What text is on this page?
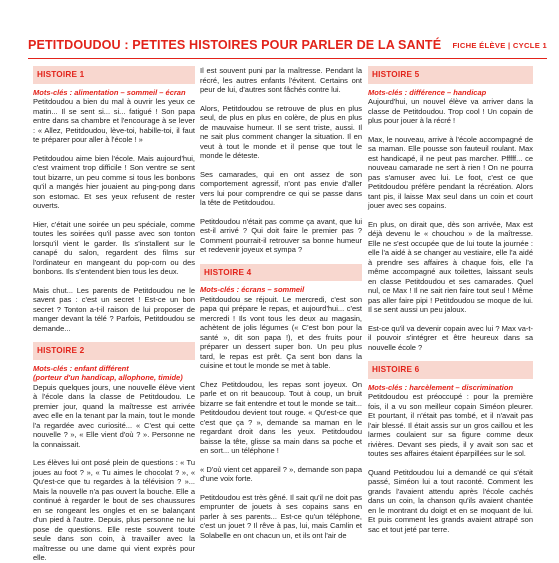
PETITDOUDOU : PETITES HISTOIRES POUR PARLER DE LA SANTÉ FICHE ÉLÈVE | CYCLE 1
HISTOIRE 1
Mots-clés : alimentation – sommeil – écran

Petitdoudou a bien du mal à ouvrir les yeux ce matin... Il se sent si... si... fatigué ! Son papa entre dans sa chambre et l'encourage à se lever : « Allez, Petitdoudou, lève-toi, habille-toi, il faut te préparer pour aller à l'école ! »

Petitdoudou aime bien l'école. Mais aujourd'hui, c'est vraiment trop difficile ! Son ventre se sent tout bizarre, un peu comme si tous les bonbons qu'il a mangés hier jouaient au ping-pong dans son estomac. Et ses yeux refusent de rester ouverts.

Hier, c'était une soirée un peu spéciale, comme toutes les soirées qu'il passe avec son tonton lorsqu'il vient le garder. Ils s'installent sur le canapé du salon, regardent des films sur l'ordinateur en mangeant du pop-corn ou des bonbons. Ils s'entendent bien tous les deux.

Mais chut... Les parents de Petitdoudou ne le savent pas : c'est un secret ! Est-ce un bon secret ? Tonton a-t-il raison de lui proposer de manger devant la télé ? Parfois, Petitdoudou se demande...

HISTOIRE 2
Mots-clés : enfant différent
(porteur d'un handicap, allophone, timide)

Depuis quelques jours, une nouvelle élève vient à l'école dans la classe de Petitdoudou. Le premier jour, quand la maîtresse est arrivée avec elle en la tenant par la main, tout le monde l'a regardée avec curiosité... « C'est qui cette nouvelle ? », « Elle vient d'où ? ». Personne ne la connaissait.

Les élèves lui ont posé plein de questions : « Tu joues au foot ? », « Tu aimes le chocolat ? », « Qu'est-ce que tu regardes à la télévision ? »... Mais la nouvelle n'a pas ouvert la bouche. Elle a continué à regarder le bout de ses chaussures en se rongeant les ongles et en se balançant d'un pied à l'autre. Depuis, plus personne ne lui pose de questions. Elle reste souvent toute seule dans son coin, à travailler avec la maîtresse ou une dame qui vient exprès pour elle.

Il est souvent puni par la maîtresse. Pendant la récré, les autres enfants l'évitent. Certains ont peur de lui, d'autres sont fâchés contre lui.

Alors, Petitdoudou se retrouve de plus en plus seul, de plus en plus en colère, de plus en plus de mauvaise humeur. Il se sent triste, aussi. Il ne sait plus comment changer la situation. Il en veut à tout le monde et il pense que tout le monde le déteste.

Ses camarades, qui en ont assez de son comportement agressif, n'ont pas envie d'aller vers lui pour comprendre ce qui se passe dans la tête de Petitdoudou.

Petitdoudou n'était pas comme ça avant, que lui est-il arrivé ? Qui doit faire le premier pas ? Comment pourrait-il retrouver sa bonne humeur et redevenir joyeux et sympa ?

HISTOIRE 4
Mots-clés : écrans – sommeil

Petitdoudou se réjouit. Le mercredi, c'est son papa qui prépare le repas, et aujourd'hui... c'est mercredi ! Ils vont tous les deux au magasin, achètent de jolis légumes (« C'est bon pour la santé », dit son papa !), et des fruits pour préparer un dessert super bon. Un peu plus tard, le repas est prêt. Ça sent bon dans la cuisine et tout le monde se met à table.

Chez Petitdoudou, les repas sont joyeux. On parle et on rit beaucoup. Tout à coup, un bruit bizarre se fait entendre et tout le monde se tait... Petitdoudou devient tout rouge. « Qu'est-ce que c'est que ça ? », demande sa maman en le regardant droit dans les yeux. Petitdoudou baisse la tête, glisse sa main dans sa poche et en sort... un téléphone !

« D'où vient cet appareil ? », demande son papa d'une voix forte.

Petitdoudou est très gêné. Il sait qu'il ne doit pas emprunter de jouets à ses copains sans en parler à ses parents... Est-ce qu'un téléphone, c'est un jouet ? Il rêve à pas, lui, mais Camlin et Solabelle en ont chacun un, et ils ont l'air de

HISTOIRE 5
Mots-clés : différence – handicap

Aujourd'hui, un nouvel élève va arriver dans la classe de Petitdoudou. Trop cool ! Un copain de plus pour jouer à la récré !

Max, le nouveau, arrive à l'école accompagné de sa maman. Elle pousse son fauteuil roulant. Max est handicapé, il ne peut pas marcher. Pfffff... ce nouveau camarade ne sert à rien ! On ne pourra pas s'amuser avec lui. Le foot, c'est ce que Petitdoudou préfère pendant la récréation. Alors tant pis, il laisse Max seul dans un coin et court jouer avec ses copains.

En plus, on dirait que, dès son arrivée, Max est déjà devenu le « chouchou » de la maîtresse. Elle ne s'est occupée que de lui toute la journée : elle l'a aidé à se changer au vestiaire, elle l'a aidé à prendre ses affaires à chaque fois, elle l'a même accompagné aux toilettes, laissant seuls en classe Petitdoudou et ses camarades. Quel nul, ce Max ! Il ne sait rien faire tout seul ! Même pas aller faire pipi ! Petitdoudou se moque de lui. Il se sent aussi un peu jaloux.

Est-ce qu'il va devenir copain avec lui ? Max va-t-il pouvoir s'intégrer et être heureux dans sa nouvelle école ?

HISTOIRE 6
Mots-clés : harcèlement – discrimination

Petitdoudou est préoccupé : pour la première fois, il a vu son meilleur copain Siméon pleurer. Et pourtant, il n'était pas tombé, et il n'avait pas l'air blessé. Il était assis sur un gros caillou et les larmes coulaient sur sa figure comme deux rivières. Devant ses pieds, il y avait son sac et toutes ses affaires étaient éparpillées sur le sol.

Quand Petitdoudou lui a demandé ce qui s'était passé, Siméon lui a tout raconté. Comment les grands l'avaient attendu après l'école cachés dans un coin, la chanson qu'ils avaient chantée en le montrant du doigt et en se moquant de lui. Et puis comment les grands avaient attrapé son sac et tout jeté par terre.
